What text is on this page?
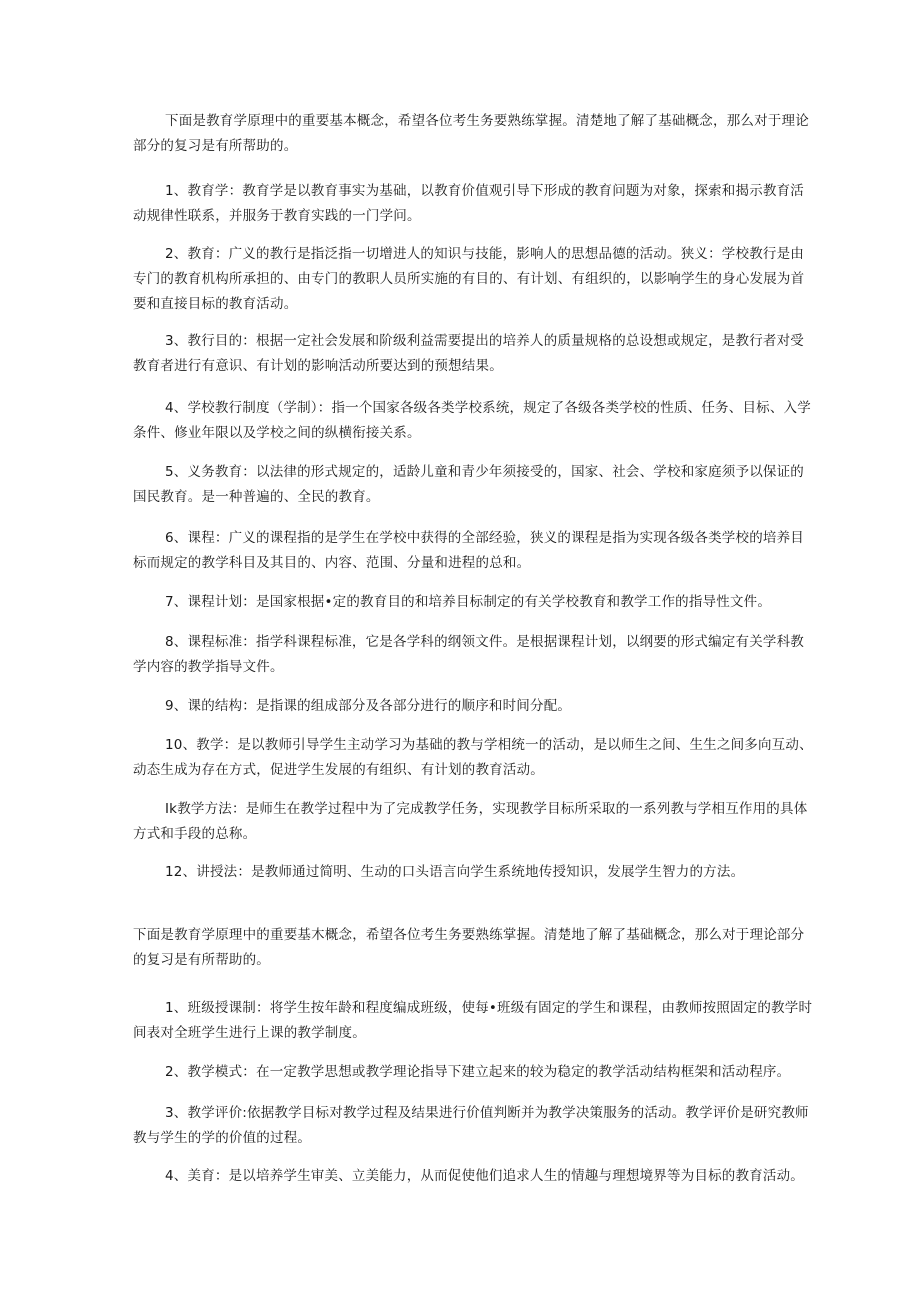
下面是教育学原理中的重要基本概念，希望各位考生务要熟练掌握。清楚地了解了基础概念，那么对于理论部分的复习是有所帮助的。

1、教育学：教育学是以教育事实为基础，以教育价值观引导下形成的教育问题为对象，探索和揭示教育活动规律性联系，并服务于教育实践的一门学问。

2、教育：广义的教行是指泛指一切增进人的知识与技能，影响人的思想品德的活动。狭义：学校教行是由专门的教育机构所承担的、由专门的教职人员所实施的有目的、有计划、有组织的，以影响学生的身心发展为首要和直接目标的教育活动。

3、教行目的：根据一定社会发展和阶级利益需要提出的培养人的质量规格的总设想或规定，是教行者对受教育者进行有意识、有计划的影响活动所要达到的预想结果。

4、学校教行制度（学制）：指一个国家各级各类学校系统，规定了各级各类学校的性质、任务、目标、入学条件、修业年限以及学校之间的纵横衔接关系。

5、义务教育：以法律的形式规定的，适龄儿童和青少年须接受的，国家、社会、学校和家庭须予以保证的国民教育。是一种普遍的、全民的教育。

6、课程：广义的课程指的是学生在学校中获得的全部经验，狭义的课程是指为实现各级各类学校的培养目标而规定的教学科目及其目的、内容、范围、分量和进程的总和。

7、课程计划：是国家根据•定的教育目的和培养目标制定的有关学校教育和教学工作的指导性文件。

8、课程标准：指学科课程标准，它是各学科的纲领文件。是根据课程计划，以纲要的形式编定有关学科教学内容的教学指导文件。

9、课的结构：是指课的组成部分及各部分进行的顺序和时间分配。

10、教学：是以教师引导学生主动学习为基础的教与学相统一的活动，是以师生之间、生生之间多向互动、动态生成为存在方式，促进学生发展的有组织、有计划的教育活动。

Ik教学方法：是师生在教学过程中为了完成教学任务，实现教学目标所采取的一系列教与学相互作用的具体方式和手段的总称。

12、讲授法：是教师通过简明、生动的口头语言向学生系统地传授知识，发展学生智力的方法。

下面是教育学原理中的重要基木概念，希望各位考生务要熟练掌握。清楚地了解了基础概念，那么对于理论部分的复习是有所帮助的。

1、班级授课制：将学生按年龄和程度编成班级，使每•班级有固定的学生和课程，由教师按照固定的教学时间表对全班学生进行上课的教学制度。

2、教学模式：在一定教学思想或教学理论指导下建立起来的较为稳定的教学活动结构框架和活动程序。

3、教学评价:依据教学目标对教学过程及结果进行价值判断并为教学决策服务的活动。教学评价是研究教师教与学生的学的价值的过程。

4、美育：是以培养学生审美、立美能力，从而促使他们追求人生的情趣与理想境界等为目标的教育活动。
